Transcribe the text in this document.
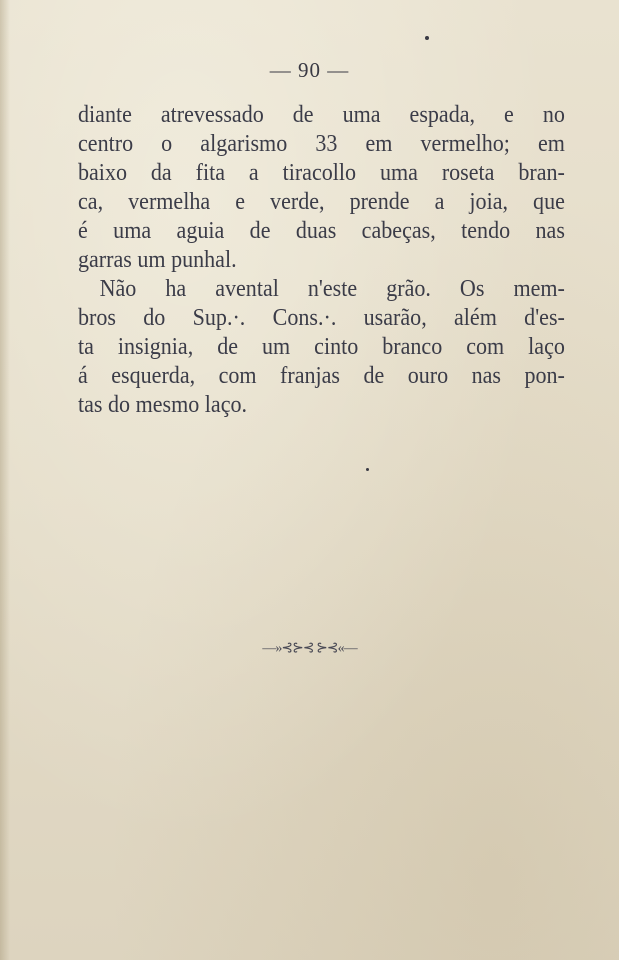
— 90 —
diante atrevessado de uma espada, e no
centro o algarismo 33 em vermelho; em
baixo da fita a tiracollo uma roseta bran-
ca, vermelha e verde, prende a joia, que
é uma aguia de duas cabeças, tendo nas
garras um punhal.
Não ha avental n'este grão. Os mem-
bros do Sup.·. Cons.·. usarão, além d'es-
ta insignia, de um cinto branco com laço
á esquerda, com franjas de ouro nas pon-
tas do mesmo laço.
—»⊰⊱⊰ ⊱⊰«—
